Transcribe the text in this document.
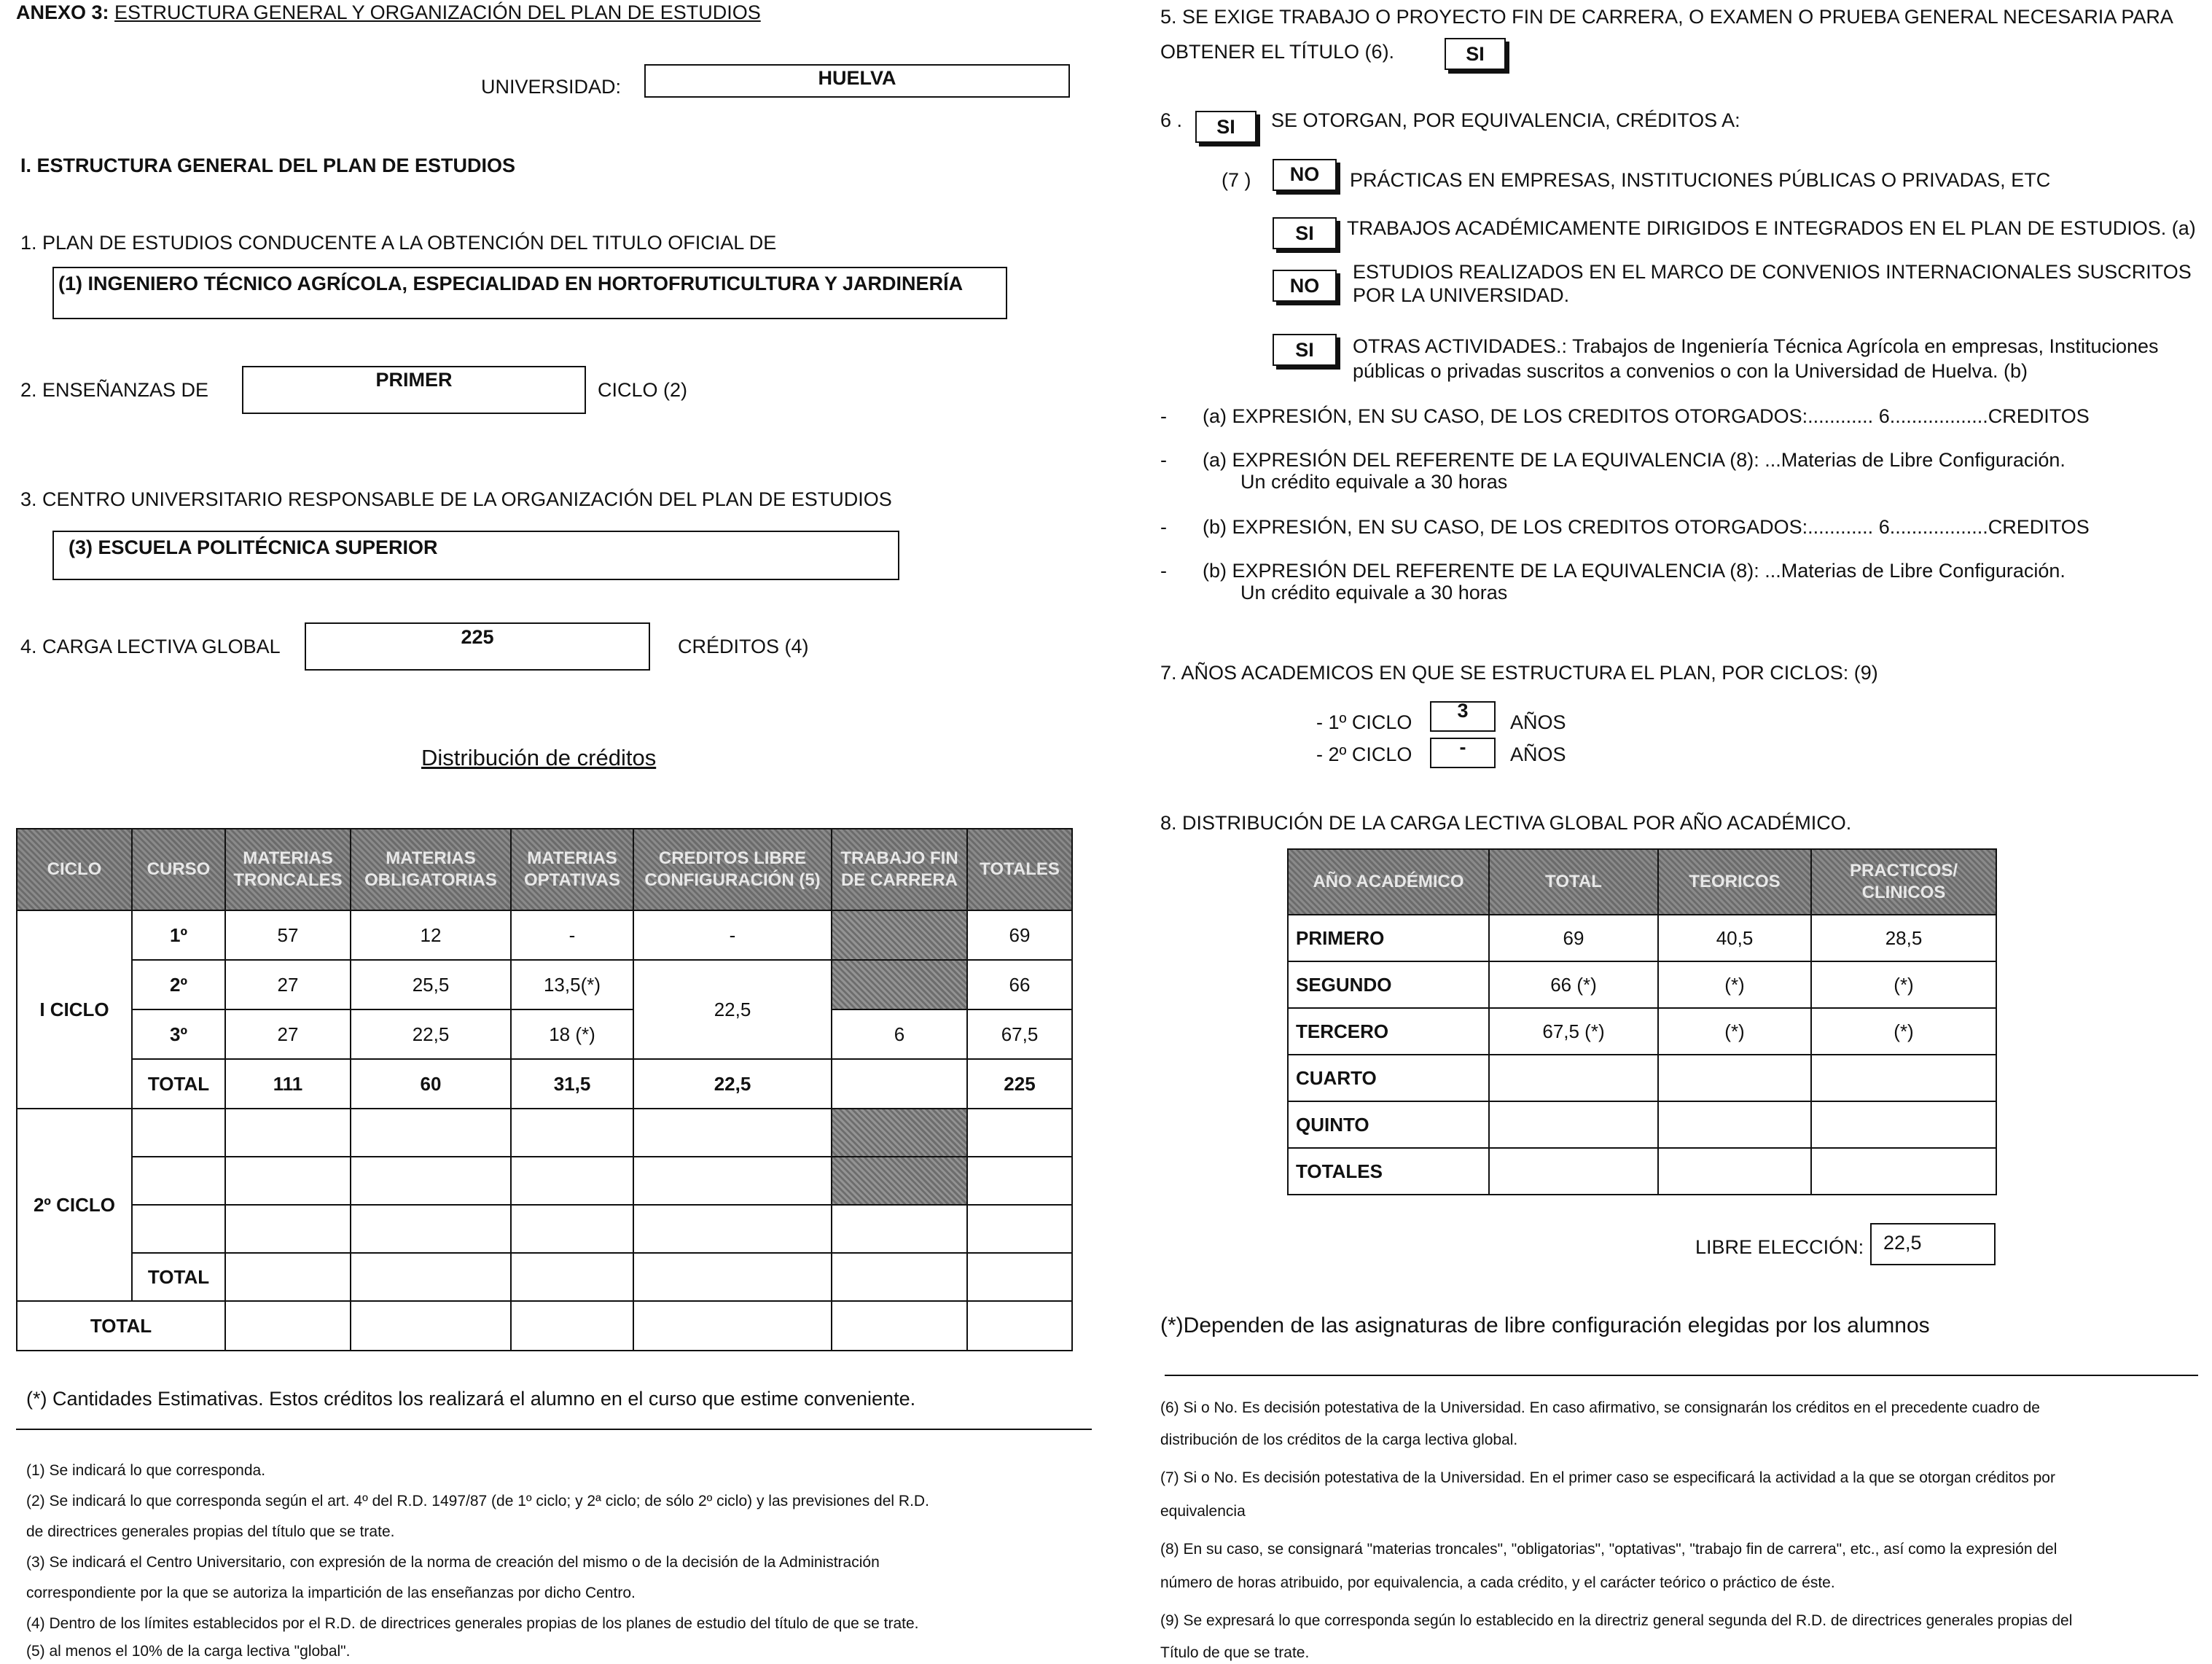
ANEXO 3: ESTRUCTURA GENERAL Y ORGANIZACIÓN DEL PLAN DE ESTUDIOS
UNIVERSIDAD:	HUELVA
I. ESTRUCTURA GENERAL DEL PLAN DE ESTUDIOS
1. PLAN DE ESTUDIOS CONDUCENTE A LA OBTENCIÓN DEL TITULO OFICIAL DE
(1) INGENIERO TÉCNICO AGRÍCOLA, ESPECIALIDAD EN HORTOFRUTICULTURA Y JARDINERÍA
2. ENSEÑANZAS DE	PRIMER	CICLO (2)
3. CENTRO UNIVERSITARIO RESPONSABLE DE LA ORGANIZACIÓN DEL PLAN DE ESTUDIOS
(3) ESCUELA POLITÉCNICA SUPERIOR
4. CARGA LECTIVA GLOBAL	225	CRÉDITOS (4)
Distribución de créditos
CICLO	CURSO	MATERIAS TRONCALES	MATERIAS OBLIGATORIAS	MATERIAS OPTATIVAS	CREDITOS LIBRE CONFIGURACIÓN (5)	TRABAJO FIN DE CARRERA	TOTALES
I CICLO	1º	57	12	-	-		69
	2º	27	25,5	13,5(*)	22,5		66
	3º	27	22,5	18 (*)		6	67,5
	TOTAL	111	60	31,5	22,5		225
2º CICLO							

	TOTAL						
TOTAL							
(*) Cantidades Estimativas. Estos créditos los realizará el alumno en el curso que estime conveniente.
(1) Se indicará lo que corresponda.
(2) Se indicará lo que corresponda según el art. 4º del R.D. 1497/87 (de 1º ciclo; y 2ª ciclo; de sólo 2º ciclo) y las previsiones del R.D.
de directrices generales propias del título que se trate.
(3) Se indicará el Centro Universitario, con expresión de la norma de creación del mismo o de la decisión de la Administración
correspondiente por la que se autoriza la impartición de las enseñanzas por dicho Centro.
(4) Dentro de los límites establecidos por el R.D. de directrices generales propias de los planes de estudio del título de que se trate.
(5) al menos el 10% de la carga lectiva "global".
5. SE EXIGE TRABAJO O PROYECTO FIN DE CARRERA, O EXAMEN O PRUEBA GENERAL NECESARIA PARA
OBTENER EL TÍTULO (6).	SI
6 .	SI	SE OTORGAN, POR EQUIVALENCIA, CRÉDITOS A:
(7 )	NO	PRÁCTICAS EN EMPRESAS, INSTITUCIONES PÚBLICAS O PRIVADAS, ETC
SI	TRABAJOS ACADÉMICAMENTE DIRIGIDOS E INTEGRADOS EN EL PLAN DE ESTUDIOS. (a)
NO
ESTUDIOS REALIZADOS EN EL MARCO DE CONVENIOS INTERNACIONALES SUSCRITOS
POR LA UNIVERSIDAD.
SI	OTRAS ACTIVIDADES.: Trabajos de Ingeniería Técnica Agrícola en empresas, Instituciones
públicas o privadas suscritos a convenios o con la Universidad de Huelva. (b)
- (a) EXPRESIÓN, EN SU CASO, DE LOS CREDITOS OTORGADOS:............ 6..................CREDITOS
- (a) EXPRESIÓN DEL REFERENTE DE LA EQUIVALENCIA (8): ...Materias de Libre Configuración.
Un crédito equivale a 30 horas
- (b) EXPRESIÓN, EN SU CASO, DE LOS CREDITOS OTORGADOS:............ 6..................CREDITOS
- (b) EXPRESIÓN DEL REFERENTE DE LA EQUIVALENCIA (8): ...Materias de Libre Configuración.
Un crédito equivale a 30 horas
7. AÑOS ACADEMICOS EN QUE SE ESTRUCTURA EL PLAN, POR CICLOS: (9)
- 1º CICLO
3
AÑOS
- 2º CICLO	-	AÑOS
8. DISTRIBUCIÓN DE LA CARGA LECTIVA GLOBAL POR AÑO ACADÉMICO.
AÑO ACADÉMICO	TOTAL	TEORICOS	PRACTICOS/ CLINICOS
PRIMERO	69	40,5	28,5
SEGUNDO	66 (*)	(*)	(*)
TERCERO	67,5 (*)	(*)	(*)
CUARTO			
QUINTO			
TOTALES			
LIBRE ELECCIÓN: 22,5
(*)Dependen de las asignaturas de libre configuración elegidas por los alumnos
(6) Si o No. Es decisión potestativa de la Universidad. En caso afirmativo, se consignarán los créditos en el precedente cuadro de
distribución de los créditos de la carga lectiva global.
(7) Si o No. Es decisión potestativa de la Universidad. En el primer caso se especificará la actividad a la que se otorgan créditos por
equivalencia
(8) En su caso, se consignará "materias troncales", "obligatorias", "optativas", "trabajo fin de carrera", etc., así como la expresión del
número de horas atribuido, por equivalencia, a cada crédito, y el carácter teórico o práctico de éste.
(9) Se expresará lo que corresponda según lo establecido en la directriz general segunda del R.D. de directrices generales propias del
Título de que se trate.
